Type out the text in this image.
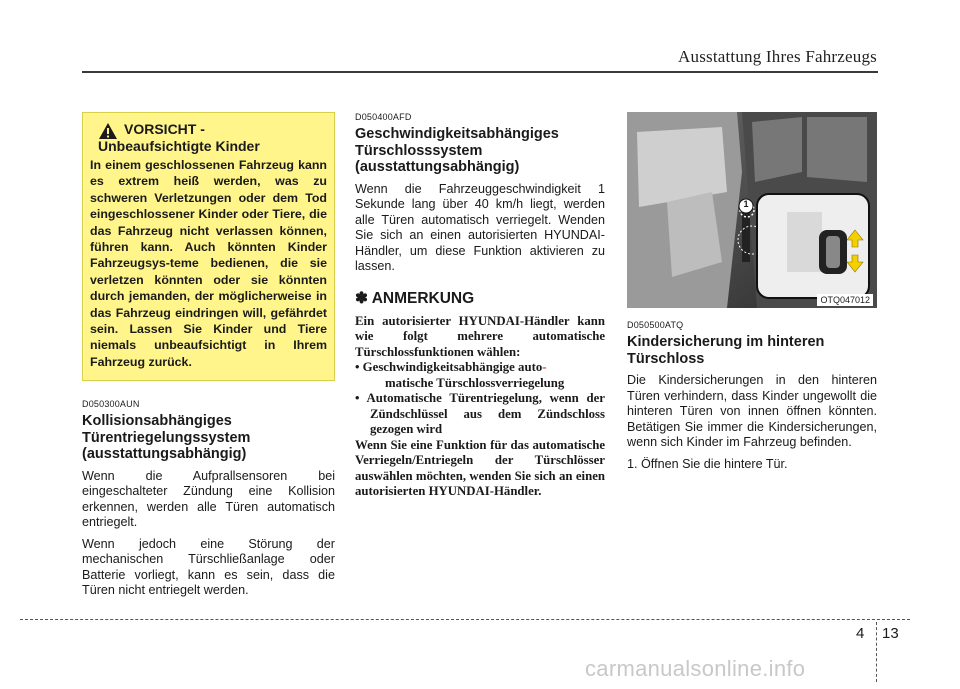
Ausstattung Ihres Fahrzeugs
VORSICHT -
Unbeaufsichtigte Kinder
In einem geschlossenen Fahrzeug kann es extrem heiß werden, was zu schweren Verletzungen oder dem Tod eingeschlossener Kinder oder Tiere, die das Fahrzeug nicht verlassen können, führen kann. Auch könnten Kinder Fahrzeugsys-teme bedienen, die sie verletzen könnten oder sie könnten durch jemanden, der möglicherweise in das Fahrzeug eindringen will, gefährdet sein. Lassen Sie Kinder und Tiere niemals unbeaufsichtigt in Ihrem Fahrzeug zurück.
D050300AUN
Kollisionsabhängiges Türentriegelungssystem (ausstattungsabhängig)

Wenn die Aufprallsensoren bei eingeschalteter Zündung eine Kollision erkennen, werden alle Türen automatisch entriegelt.

Wenn jedoch eine Störung der mechanischen Türschließanlage oder Batterie vorliegt, kann es sein, dass die Türen nicht entriegelt werden.

D050400AFD
Geschwindigkeitsabhängiges Türschlosssystem (ausstattungsabhängig)

Wenn die Fahrzeuggeschwindigkeit 1 Sekunde lang über 40 km/h liegt, werden alle Türen automatisch verriegelt. Wenden Sie sich an einen autorisierten HYUNDAI-Händler, um diese Funktion aktivieren zu lassen.

✽ ANMERKUNG
Ein autorisierter HYUNDAI-Händler kann wie folgt mehrere automatische Türschlossfunktionen wählen:
• Geschwindigkeitsabhängige auto-
matische Türschlossverriegelung
• Automatische Türentriegelung, wenn der Zündschlüssel aus dem Zündschloss gezogen wird
Wenn Sie eine Funktion für das automatische Verriegeln/Entriegeln der Türschlösser auswählen möchten, wenden Sie sich an einen autorisierten HYUNDAI-Händler.
1
OTQ047012
D050500ATQ
Kindersicherung im hinteren Türschloss

Die Kindersicherungen in den hinteren Türen verhindern, dass Kinder ungewollt die hinteren Türen von innen öffnen könnten. Betätigen Sie immer die Kindersicherungen, wenn sich Kinder im Fahrzeug befinden.

1. Öffnen Sie die hintere Tür.

4 13
carmanualsonline.info
